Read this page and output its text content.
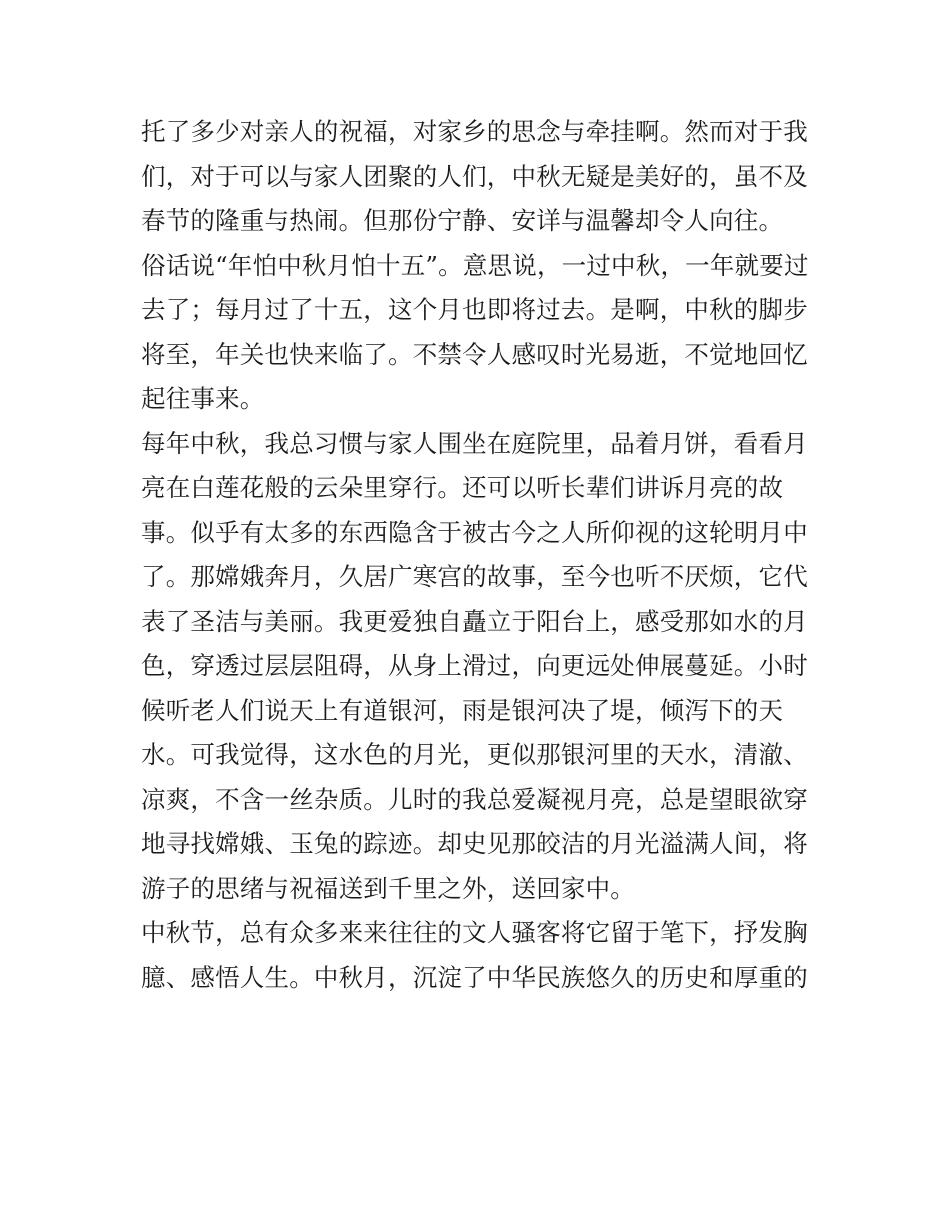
托了多少对亲人的祝福，对家乡的思念与牵挂啊。然而对于我
们，对于可以与家人团聚的人们，中秋无疑是美好的，虽不及
春节的隆重与热闹。但那份宁静、安详与温馨却令人向往。
俗话说“年怕中秋月怕十五”。意思说，一过中秋，一年就要过
去了；每月过了十五，这个月也即将过去。是啊，中秋的脚步
将至，年关也快来临了。不禁令人感叹时光易逝，不觉地回忆
起往事来。
每年中秋，我总习惯与家人围坐在庭院里，品着月饼，看看月
亮在白莲花般的云朵里穿行。还可以听长辈们讲诉月亮的故
事。似乎有太多的东西隐含于被古今之人所仰视的这轮明月中
了。那嫦娥奔月，久居广寒宫的故事，至今也听不厌烦，它代
表了圣洁与美丽。我更爱独自矗立于阳台上，感受那如水的月
色，穿透过层层阻碍，从身上滑过，向更远处伸展蔓延。小时
候听老人们说天上有道银河，雨是银河决了堤，倾泻下的天
水。可我觉得，这水色的月光，更似那银河里的天水，清澈、
凉爽，不含一丝杂质。儿时的我总爱凝视月亮，总是望眼欲穿
地寻找嫦娥、玉兔的踪迹。却史见那皎洁的月光溢满人间，将
游子的思绪与祝福送到千里之外，送回家中。
中秋节，总有众多来来往往的文人骚客将它留于笔下，抒发胸
臆、感悟人生。中秋月，沉淀了中华民族悠久的历史和厚重的
